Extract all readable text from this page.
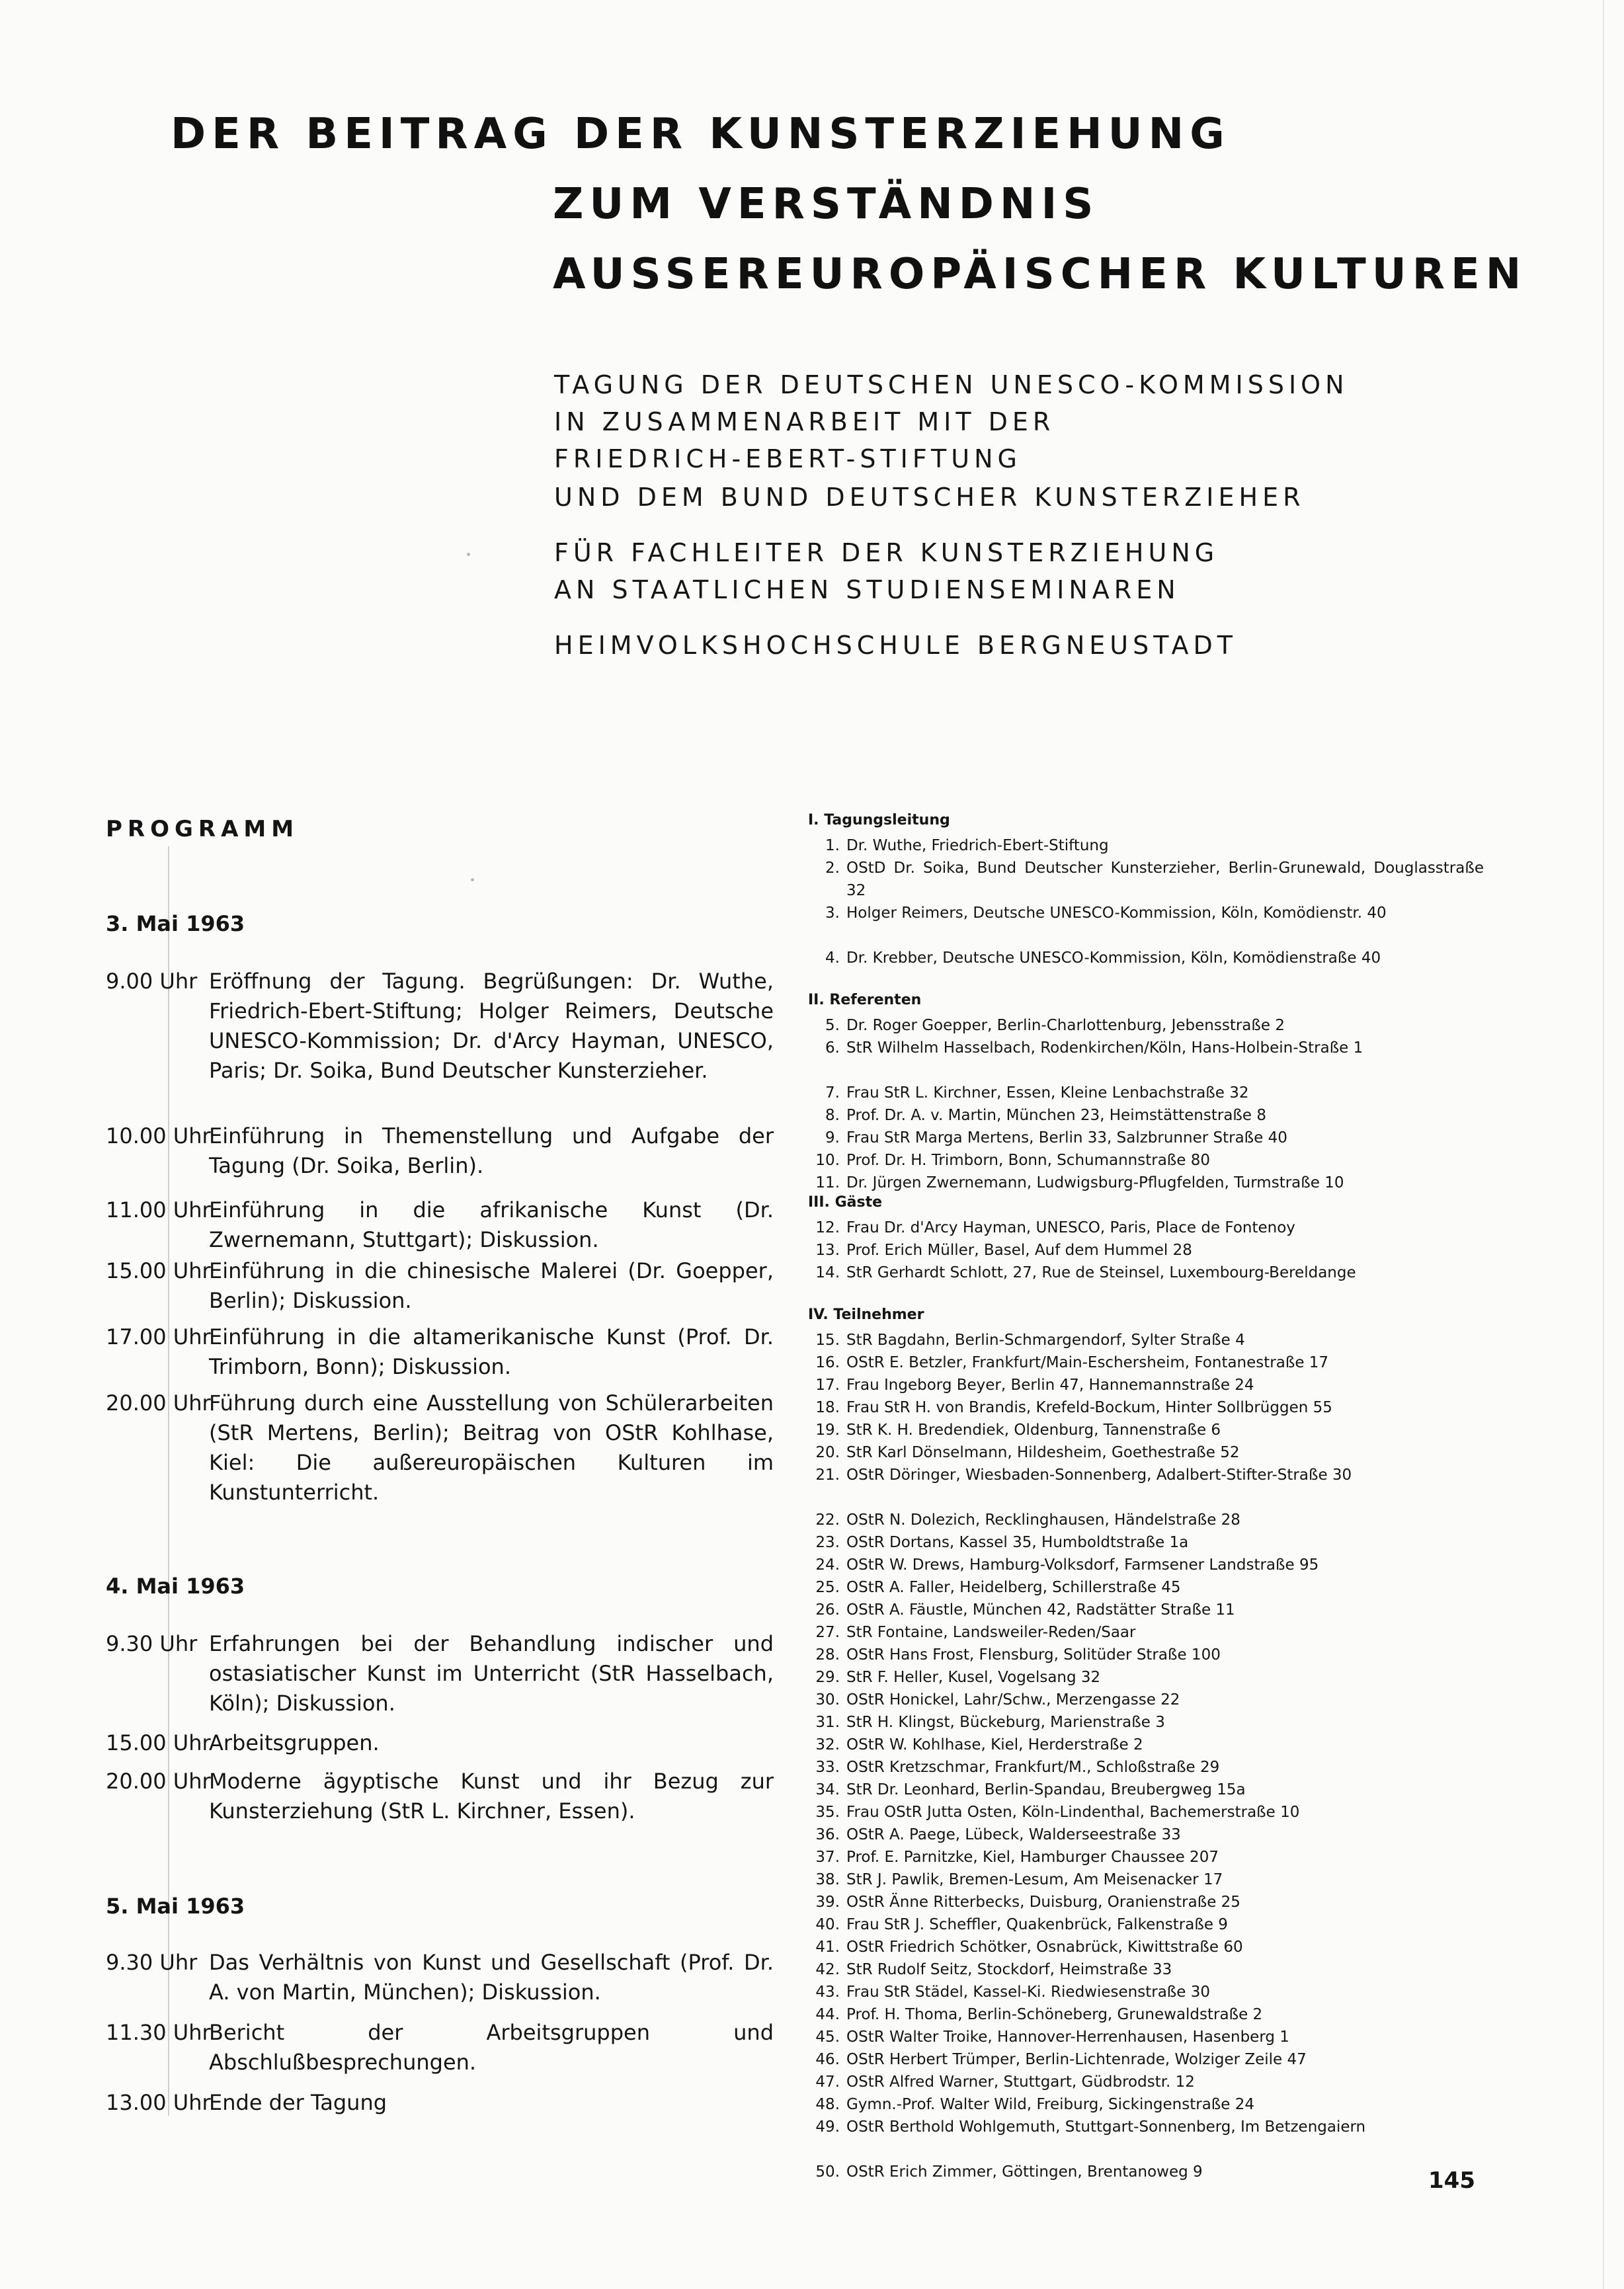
DER BEITRAG DER KUNSTERZIEHUNG
ZUM VERSTÄNDNIS
AUSSEREUROPÄISCHER KULTUREN
TAGUNG DER DEUTSCHEN UNESCO-KOMMISSION
IN ZUSAMMENARBEIT MIT DER
FRIEDRICH-EBERT-STIFTUNG
UND DEM BUND DEUTSCHER KUNSTERZIEHER
FÜR FACHLEITER DER KUNSTERZIEHUNG
AN STAATLICHEN STUDIENSEMINAREN
HEIMVOLKSHOCHSCHULE BERGNEUSTADT
PROGRAMM
3. Mai 1963
9.00 Uhr Eröffnung der Tagung. Begrüßungen: Dr. Wuthe, Friedrich-Ebert-Stiftung; Holger Reimers, Deutsche UNESCO-Kommission; Dr. d'Arcy Hayman, UNESCO, Paris; Dr. Soika, Bund Deutscher Kunsterzieher.
10.00 Uhr
Einführung in Themenstellung und Aufgabe der Tagung (Dr. Soika, Berlin).
11.00 Uhr
Einführung in die afrikanische Kunst (Dr. Zwernemann, Stuttgart); Diskussion.
15.00 Uhr
Einführung in die chinesische Malerei (Dr. Goepper, Berlin); Diskussion.
17.00 Uhr
Einführung in die altamerikanische Kunst (Prof. Dr. Trimborn, Bonn); Diskussion.
20.00 Uhr
Führung durch eine Ausstellung von Schülerarbeiten (StR Mertens, Berlin); Beitrag von OStR Kohlhase, Kiel: Die außereuropäischen Kulturen im Kunstunterricht.
4. Mai 1963
9.30 Uhr Erfahrungen bei der Behandlung indischer und ostasiatischer Kunst im Unterricht (StR Hasselbach, Köln); Diskussion.
15.00 Uhr
Arbeitsgruppen.
20.00 Uhr
Moderne ägyptische Kunst und ihr Bezug zur Kunsterziehung (StR L. Kirchner, Essen).
5. Mai 1963
9.30 Uhr Das Verhältnis von Kunst und Gesellschaft (Prof. Dr. A. von Martin, München); Diskussion.
11.30 Uhr
Bericht der Arbeitsgruppen und Abschlußbesprechungen.
13.00 Uhr
Ende der Tagung
I. Tagungsleitung
1. Dr. Wuthe, Friedrich-Ebert-Stiftung
2. OStD Dr. Soika, Bund Deutscher Kunsterzieher, Berlin-Grunewald, Douglasstraße 32
3. Holger Reimers, Deutsche UNESCO-Kommission, Köln, Komödienstr. 40
4. Dr. Krebber, Deutsche UNESCO-Kommission, Köln, Komödienstraße 40
II. Referenten
5. Dr. Roger Goepper, Berlin-Charlottenburg, Jebensstraße 2
6. StR Wilhelm Hasselbach, Rodenkirchen/Köln, Hans-Holbein-Straße 1
7. Frau StR L. Kirchner, Essen, Kleine Lenbachstraße 32
8. Prof. Dr. A. v. Martin, München 23, Heimstättenstraße 8
9. Frau StR Marga Mertens, Berlin 33, Salzbrunner Straße 40
10. Prof. Dr. H. Trimborn, Bonn, Schumannstraße 80
11. Dr. Jürgen Zwernemann, Ludwigsburg-Pflugfelden, Turmstraße 10
III. Gäste
12. Frau Dr. d'Arcy Hayman, UNESCO, Paris, Place de Fontenoy
13. Prof. Erich Müller, Basel, Auf dem Hummel 28
14. StR Gerhardt Schlott, 27, Rue de Steinsel, Luxembourg-Bereldange
IV. Teilnehmer
15. StR Bagdahn, Berlin-Schmargendorf, Sylter Straße 4
16. OStR E. Betzler, Frankfurt/Main-Eschersheim, Fontanestraße 17
17. Frau Ingeborg Beyer, Berlin 47, Hannemannstraße 24
18. Frau StR H. von Brandis, Krefeld-Bockum, Hinter Sollbrüggen 55
19. StR K. H. Bredendiek, Oldenburg, Tannenstraße 6
20. StR Karl Dönselmann, Hildesheim, Goethestraße 52
21. OStR Döringer, Wiesbaden-Sonnenberg, Adalbert-Stifter-Straße 30
22. OStR N. Dolezich, Recklinghausen, Händelstraße 28
23. OStR Dortans, Kassel 35, Humboldtstraße 1a
24. OStR W. Drews, Hamburg-Volksdorf, Farmsener Landstraße 95
25. OStR A. Faller, Heidelberg, Schillerstraße 45
26. OStR A. Fäustle, München 42, Radstätter Straße 11
27. StR Fontaine, Landsweiler-Reden/Saar
28. OStR Hans Frost, Flensburg, Solitüder Straße 100
29. StR F. Heller, Kusel, Vogelsang 32
30. OStR Honickel, Lahr/Schw., Merzengasse 22
31. StR H. Klingst, Bückeburg, Marienstraße 3
32. OStR W. Kohlhase, Kiel, Herderstraße 2
33. OStR Kretzschmar, Frankfurt/M., Schloßstraße 29
34. StR Dr. Leonhard, Berlin-Spandau, Breubergweg 15a
35. Frau OStR Jutta Osten, Köln-Lindenthal, Bachemerstraße 10
36. OStR A. Paege, Lübeck, Walderseestraße 33
37. Prof. E. Parnitzke, Kiel, Hamburger Chaussee 207
38. StR J. Pawlik, Bremen-Lesum, Am Meisenacker 17
39. OStR Änne Ritterbecks, Duisburg, Oranienstraße 25
40. Frau StR J. Scheffler, Quakenbrück, Falkenstraße 9
41. OStR Friedrich Schötker, Osnabrück, Kiwittstraße 60
42. StR Rudolf Seitz, Stockdorf, Heimstraße 33
43. Frau StR Städel, Kassel-Ki. Riedwiesenstraße 30
44. Prof. H. Thoma, Berlin-Schöneberg, Grunewaldstraße 2
45. OStR Walter Troike, Hannover-Herrenhausen, Hasenberg 1
46. OStR Herbert Trümper, Berlin-Lichtenrade, Wolziger Zeile 47
47. OStR Alfred Warner, Stuttgart, Güdbrodstr. 12
48. Gymn.-Prof. Walter Wild, Freiburg, Sickingenstraße 24
49. OStR Berthold Wohlgemuth, Stuttgart-Sonnenberg, Im Betzengaiern
50. OStR Erich Zimmer, Göttingen, Brentanoweg 9	145
